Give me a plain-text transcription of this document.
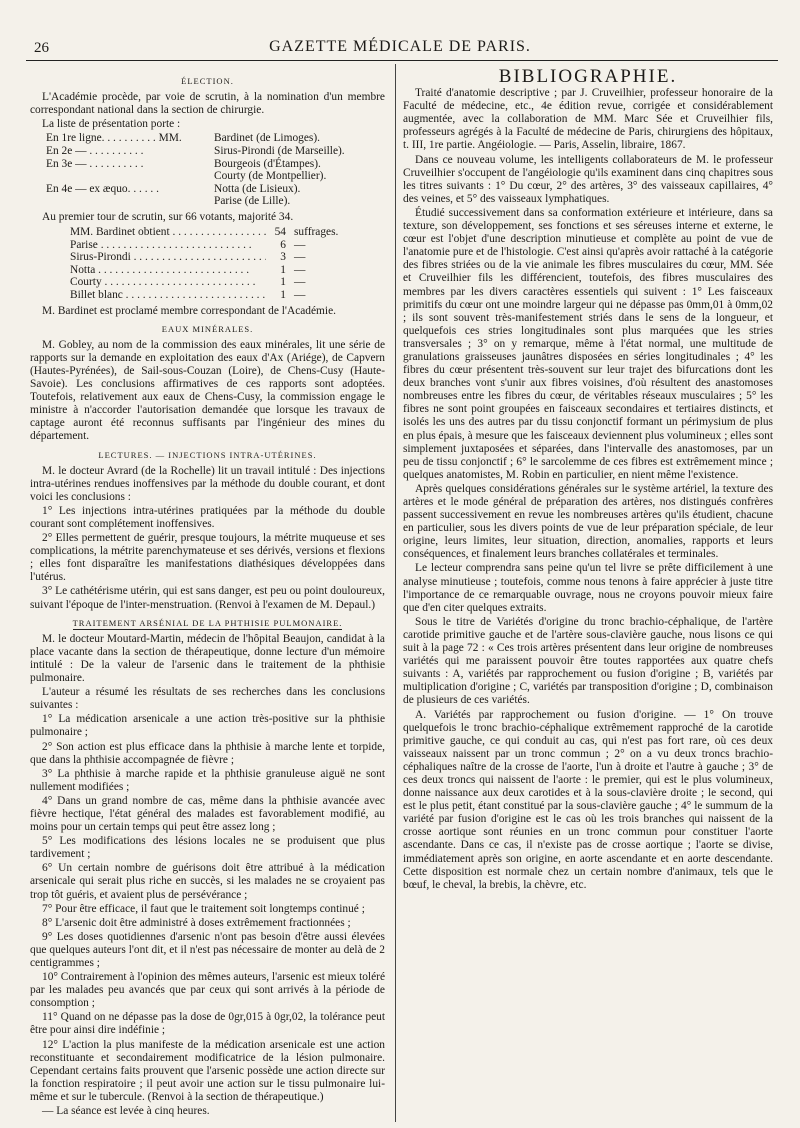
26	GAZETTE MÉDICALE DE PARIS.
ÉLECTION.

L'Académie procède, par voie de scrutin, à la nomination d'un membre correspondant national dans la section de chirurgie.

La liste de présentation porte :

En 1re ligne. . . . . . . . . . MM.	Bardinet (de Limoges).
En 2e — . . . . . . . . . .	Sirus-Pirondi (de Marseille).
En 3e — . . . . . . . . . .	Bourgeois (d'Étampes).
Courty (de Montpellier).
En 4e — ex æquo. . . . . .	Notta (de Lisieux).
Parise (de Lille).

Au premier tour de scrutin, sur 66 votants, majorité 34.

MM. Bardinet obtient . . .	54 suffrages.
Parise . . .	6 —
Sirus-Pirondi . . .	3 —
Notta . . .	1 —
Courty . . .	1 —
Billet blanc . . .	1 —

M. Bardinet est proclamé membre correspondant de l'Académie.

EAUX MINÉRALES.

M. Gobley, au nom de la commission des eaux minérales, lit une série de rapports sur la demande en exploitation des eaux d'Ax (Ariége), de Capvern (Hautes-Pyrénées), de Sail-sous-Couzan (Loire), de Chens-Cusy (Haute-Savoie). Les conclusions affirmatives de ces rapports sont adoptées. Toutefois, relativement aux eaux de Chens-Cusy, la commission engage le ministre à n'accorder l'autorisation demandée que lorsque les travaux de captage auront été reconnus suffisants par l'ingénieur des mines du département.

LECTURES. — INJECTIONS INTRA-UTÉRINES.

M. le docteur Avrard (de la Rochelle) lit un travail intitulé : Des injections intra-utérines rendues inoffensives par la méthode du double courant, et dont voici les conclusions :

1° Les injections intra-utérines pratiquées par la méthode du double courant sont complétement inoffensives.

2° Elles permettent de guérir, presque toujours, la métrite muqueuse et ses complications, la métrite parenchymateuse et ses dérivés, versions et flexions ; elles font disparaître les manifestations diathésiques développées dans l'utérus.

3° Le cathétérisme utérin, qui est sans danger, est peu ou point douloureux, suivant l'époque de l'inter-menstruation. (Renvoi à l'examen de M. Depaul.)

TRAITEMENT ARSÉNIAL DE LA PHTHISIE PULMONAIRE.

M. le docteur Moutard-Martin, médecin de l'hôpital Beaujon, candidat à la place vacante dans la section de thérapeutique, donne lecture d'un mémoire intitulé : De la valeur de l'arsenic dans le traitement de la phthisie pulmonaire.

L'auteur a résumé les résultats de ses recherches dans les conclusions suivantes :

1° La médication arsenicale a une action très-positive sur la phthisie pulmonaire ;

2° Son action est plus efficace dans la phthisie à marche lente et torpide, que dans la phthisie accompagnée de fièvre ;

3° La phthisie à marche rapide et la phthisie granuleuse aiguë ne sont nullement modifiées ;

4° Dans un grand nombre de cas, même dans la phthisie avancée avec fièvre hectique, l'état général des malades est favorablement modifié, au moins pour un certain temps qui peut être assez long ;

5° Les modifications des lésions locales ne se produisent que plus tardivement ;

6° Un certain nombre de guérisons doit être attribué à la médication arsenicale qui serait plus riche en succès, si les malades ne se croyaient pas trop tôt guéris, et avaient plus de persévérance ;

7° Pour être efficace, il faut que le traitement soit longtemps continué ;

8° L'arsenic doit être administré à doses extrêmement fractionnées ;

9° Les doses quotidiennes d'arsenic n'ont pas besoin d'être aussi élevées que quelques auteurs l'ont dit, et il n'est pas nécessaire de monter au delà de 2 centigrammes ;

10° Contrairement à l'opinion des mêmes auteurs, l'arsenic est mieux toléré par les malades peu avancés que par ceux qui sont arrivés à la période de consomption ;

11° Quand on ne dépasse pas la dose de 0gr,015 à 0gr,02, la tolérance peut être pour ainsi dire indéfinie ;

12° L'action la plus manifeste de la médication arsenicale est une action reconstituante et secondairement modificatrice de la lésion pulmonaire. Cependant certains faits prouvent que l'arsenic possède une action directe sur la fonction respiratoire ; il peut avoir une action sur le tissu pulmonaire lui-même et sur le tubercule. (Renvoi à la section de thérapeutique.)

— La séance est levée à cinq heures.

BIBLIOGRAPHIE.

Traité d'anatomie descriptive ; par J. Cruveilhier, professeur honoraire de la Faculté de médecine, etc., 4e édition revue, corrigée et considérablement augmentée, avec la collaboration de MM. Marc Sée et Cruveilhier fils, professeurs agrégés à la Faculté de médecine de Paris, chirurgiens des hôpitaux, t. III, 1re partie. Angéiologie. — Paris, Asselin, libraire, 1867.

Dans ce nouveau volume, les intelligents collaborateurs de M. le professeur Cruveilhier s'occupent de l'angéiologie qu'ils examinent dans cinq chapitres sous les titres suivants : 1° Du cœur, 2° des artères, 3° des vaisseaux capillaires, 4° des veines, et 5° des vaisseaux lymphatiques.

Étudié successivement dans sa conformation extérieure et intérieure, dans sa texture, son développement, ses fonctions et ses séreuses interne et externe, le cœur est l'objet d'une description minutieuse et complète au point de vue de l'anatomie pure et de l'histologie. C'est ainsi qu'après avoir rattaché à la catégorie des fibres striées ou de la vie animale les fibres musculaires du cœur, MM. Sée et Cruveilhier fils les différencient, toutefois, des fibres musculaires des membres par les divers caractères essentiels qui suivent : 1° Les faisceaux primitifs du cœur ont une moindre largeur qui ne dépasse pas 0mm,01 à 0mm,02 ; ils sont souvent très-manifestement striés dans le sens de la longueur, et quelquefois ces stries longitudinales sont plus marquées que les stries transversales ; 3° on y remarque, même à l'état normal, une multitude de granulations graisseuses jaunâtres disposées en séries longitudinales ; 4° les fibres du cœur présentent très-souvent sur leur trajet des bifurcations dont les deux branches vont s'unir aux fibres voisines, d'où résultent des anastomoses nombreuses entre les fibres du cœur, de véritables réseaux musculaires ; 5° les fibres ne sont point groupées en faisceaux secondaires et tertiaires distincts, et isolés les uns des autres par du tissu conjonctif formant un périmysium de plus en plus épais, à mesure que les faisceaux deviennent plus volumineux ; elles sont simplement juxtaposées et séparées, dans l'intervalle des anastomoses, par un peu de tissu conjonctif ; 6° le sarcolemme de ces fibres est extrêmement mince ; quelques anatomistes, M. Robin en particulier, en nient même l'existence.

Après quelques considérations générales sur le système artériel, la texture des artères et le mode général de préparation des artères, nos distingués confrères passent successivement en revue les nombreuses artères qu'ils étudient, chacune en particulier, sous les divers points de vue de leur préparation spéciale, de leur origine, leurs limites, leur situation, direction, anomalies, rapports et leurs conséquences, et finalement leurs branches collatérales et terminales.

Le lecteur comprendra sans peine qu'un tel livre se prête difficilement à une analyse minutieuse ; toutefois, comme nous tenons à faire apprécier à juste titre l'importance de ce remarquable ouvrage, nous ne croyons pouvoir mieux faire que d'en citer quelques extraits.

Sous le titre de Variétés d'origine du tronc brachio-céphalique, de l'artère carotide primitive gauche et de l'artère sous-clavière gauche, nous lisons ce qui suit à la page 72 : « Ces trois artères présentent dans leur origine de nombreuses variétés qui me paraissent pouvoir être toutes rapportées aux quatre chefs suivants : A, variétés par rapprochement ou fusion d'origine ; B, variétés par multiplication d'origine ; C, variétés par transposition d'origine ; D, combinaison de plusieurs de ces variétés.

A. Variétés par rapprochement ou fusion d'origine. — 1° On trouve quelquefois le tronc brachio-céphalique extrêmement rapproché de la carotide primitive gauche, ce qui conduit au cas, qui n'est pas fort rare, où ces deux vaisseaux naissent par un tronc commun ; 2° on a vu deux troncs brachio-céphaliques naître de la crosse de l'aorte, l'un à droite et l'autre à gauche ; 3° de ces deux troncs qui naissent de l'aorte : le premier, qui est le plus volumineux, donne naissance aux deux carotides et à la sous-clavière droite ; le second, qui est le plus petit, étant constitué par la sous-clavière gauche ; 4° le summum de la variété par fusion d'origine est le cas où les trois branches qui naissent de la crosse aortique sont réunies en un tronc commun pour constituer l'aorte ascendante. Dans ce cas, il n'existe pas de crosse aortique ; l'aorte se divise, immédiatement après son origine, en aorte ascendante et en aorte descendante. Cette disposition est normale chez un certain nombre d'animaux, tels que le bœuf, le cheval, la brebis, la chèvre, etc.
